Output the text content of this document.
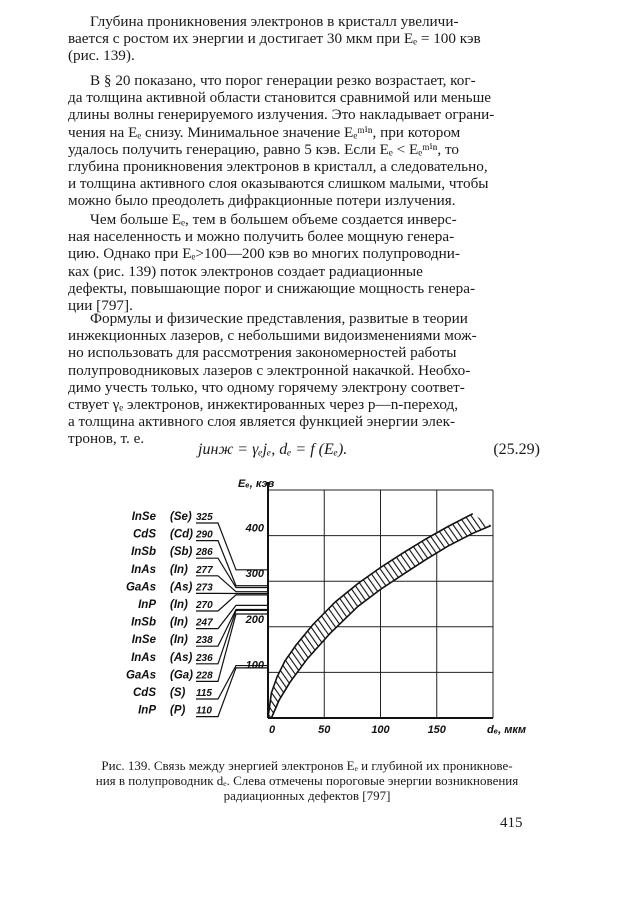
Глубина проникновения электронов в кристалл увеличи-
вается с ростом их энергии и достигает 30 мкм при Eₑ = 100 кэв
(рис. 139).
В § 20 показано, что порог генерации резко возрастает, ког-
да толщина активной области становится сравнимой или меньше
длины волны генерируемого излучения. Это накладывает ограни-
чения на Eₑ снизу. Минимальное значение Eₑᵐⁱⁿ, при котором
удалось получить генерацию, равно 5 кэв. Если Eₑ < Eₑᵐⁱⁿ, то
глубина проникновения электронов в кристалл, а следовательно,
и толщина активного слоя оказываются слишком малыми, чтобы
можно было преодолеть дифракционные потери излучения.
Чем больше Eₑ, тем в большем объеме создается инверс-
ная населенность и можно получить более мощную генера-
цию. Однако при Eₑ>100—200 кэв во многих полупроводни-
ках (рис. 139) поток электронов создает радиационные
дефекты, повышающие порог и снижающие мощность генера-
ции [797].
Формулы и физические представления, развитые в теории
инжекционных лазеров, с небольшими видоизменениями мож-
но использовать для рассмотрения закономерностей работы
полупроводниковых лазеров с электронной накачкой. Необхо-
димо учесть только, что одному горячему электрону соответ-
ствует γₑ электронов, инжектированных через p—n-переход,
а толщина активного слоя является функцией энергии элек-
тронов, т. е.
jинж = γₑjₑ, dₑ = f (Eₑ).	(25.29)
0	50	100	150
100
200
300
400
dₑ, мкм
Eₑ, кэв
InSe (Se) 325
CdS (Cd) 290
InSb (Sb) 286
InAs (In) 277
GaAs (As) 273
InP (In) 270
InSb (In) 247
InSe (In) 238
InAs (As) 236
GaAs (Ga) 228
CdS (S) 115
InP (P) 110
Рис. 139. Связь между энергией электронов Eₑ и глубиной их проникнове-
ния в полупроводник dₑ. Слева отмечены пороговые энергии возникновения
радиационных дефектов [797]
415
